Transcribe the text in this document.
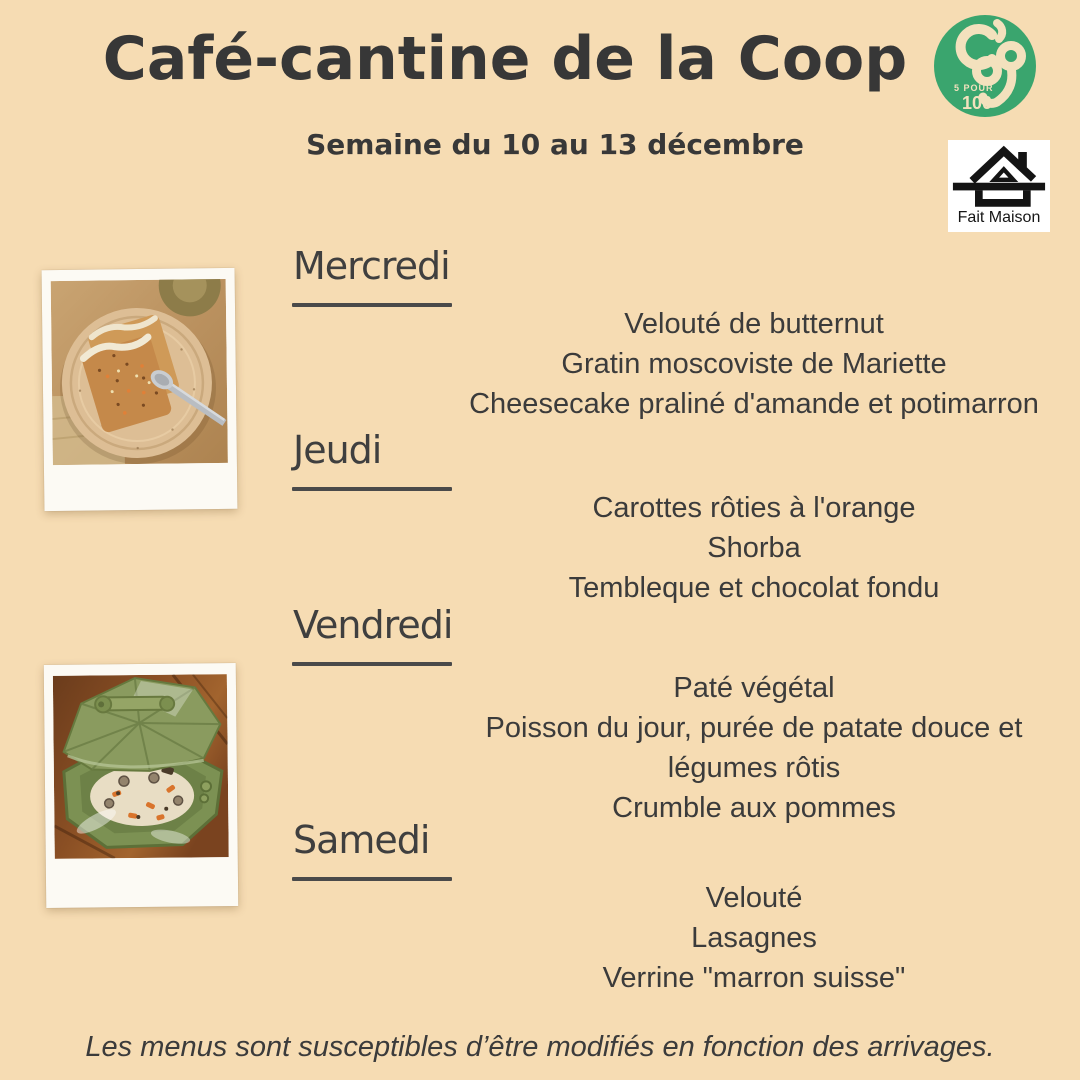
Café-cantine de la Coop
Semaine du 10 au 13 décembre
5 POUR
100
Fait Maison
Mercredi
Velouté de butternut
Gratin moscoviste de Mariette
Cheesecake praliné d'amande et potimarron
Jeudi
Carottes rôties à l'orange
Shorba
Tembleque et chocolat fondu
Vendredi
Paté végétal
Poisson du jour, purée de patate douce et légumes rôtis
Crumble aux pommes
Samedi
Velouté
Lasagnes
Verrine "marron suisse"
Les menus sont susceptibles d’être modifiés en fonction des arrivages.
